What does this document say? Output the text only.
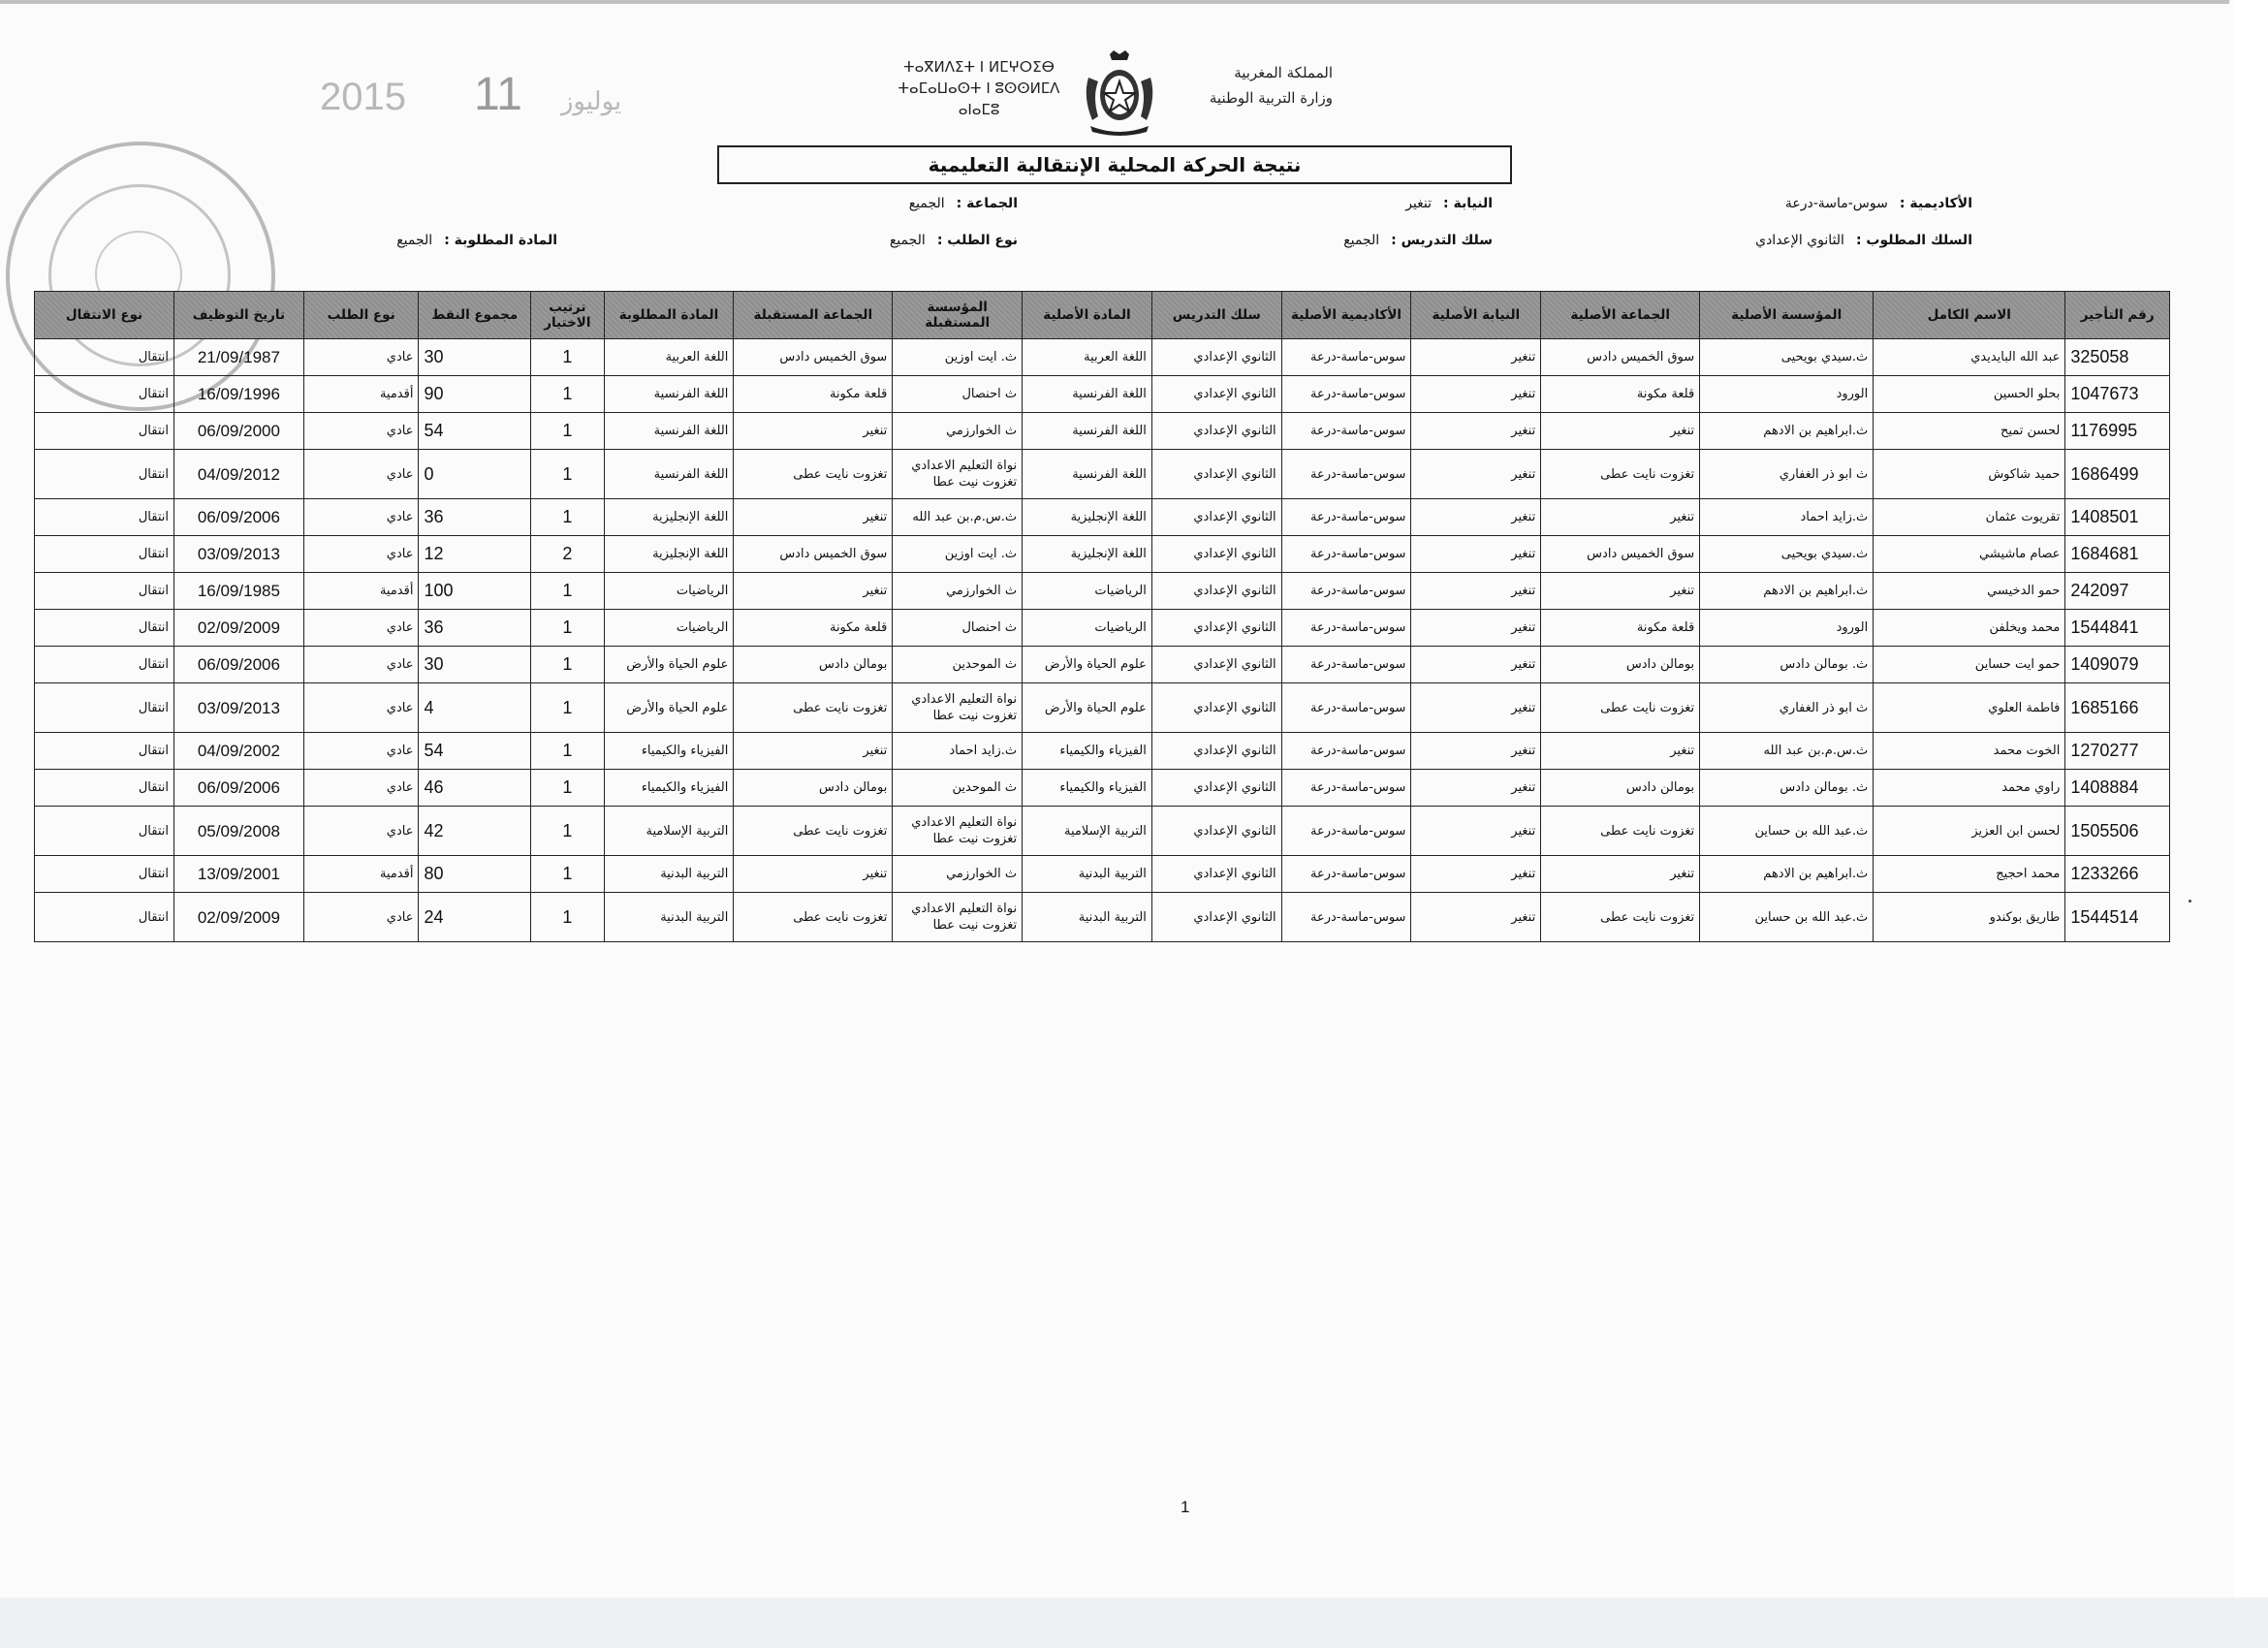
2015	يوليوز11
ⵜⴰⴳⵍⴷⵉⵜ ⵏ ⵍⵎⵖⵔⵉⴱ
ⵜⴰⵎⴰⵡⴰⵙⵜ ⵏ ⵓⵙⵙⵍⵎⴷ
ⴰⵏⴰⵎⵓ
المملكة المغربية
وزارة التربية الوطنية
نتيجة الحركة المحلية الإنتقالية التعليمية
الأكاديمية :سوس-ماسة-درعة
النيابة :تنغير
الجماعة :الجميع
السلك المطلوب :الثانوي الإعدادي
سلك التدريس :الجميع
نوع الطلب :الجميع
المادة المطلوبة :الجميع
رقم التأجير	الاسم الكامل	المؤسسة الأصلية	الجماعة الأصلية	النيابة الأصلية	الأكاديمية الأصلية	سلك التدريس	المادة الأصلية	المؤسسة المستقبلة	الجماعة المستقبلة	المادة المطلوبة	ترتيب الاختيار	مجموع النقط	نوع الطلب	تاريخ التوظيف	نوع الانتقال
325058	عبد الله البايديدي	ث.سيدي بويحيى	سوق الخميس دادس	تنغير	سوس-ماسة-درعة	الثانوي الإعدادي	اللغة العربية	ث. ايت اوزين	سوق الخميس دادس	اللغة العربية	1	30	عادي	21/09/1987	انتقال
1047673	بحلو الحسين	الورود	قلعة مكونة	تنغير	سوس-ماسة-درعة	الثانوي الإعدادي	اللغة الفرنسية	ث احنصال	قلعة مكونة	اللغة الفرنسية	1	90	أقدمية	16/09/1996	انتقال
1176995	لحسن تميح	ث.ابراهيم بن الادهم	تنغير	تنغير	سوس-ماسة-درعة	الثانوي الإعدادي	اللغة الفرنسية	ث الخوارزمي	تنغير	اللغة الفرنسية	1	54	عادي	06/09/2000	انتقال
1686499	حميد شاكوش	ث ابو ذر الغفاري	تغزوت نايت عطى	تنغير	سوس-ماسة-درعة	الثانوي الإعدادي	اللغة الفرنسية	نواة التعليم الاعدادي تغزوت نيت عطا	تغزوت نايت عطى	اللغة الفرنسية	1	0	عادي	04/09/2012	انتقال
1408501	تقريوت عثمان	ث.زايد احماد	تنغير	تنغير	سوس-ماسة-درعة	الثانوي الإعدادي	اللغة الإنجليزية	ث.س.م.بن عبد الله	تنغير	اللغة الإنجليزية	1	36	عادي	06/09/2006	انتقال
1684681	عصام ماشيشي	ث.سيدي بويحيى	سوق الخميس دادس	تنغير	سوس-ماسة-درعة	الثانوي الإعدادي	اللغة الإنجليزية	ث. ايت اوزين	سوق الخميس دادس	اللغة الإنجليزية	2	12	عادي	03/09/2013	انتقال
242097	حمو الدخيسي	ث.ابراهيم بن الادهم	تنغير	تنغير	سوس-ماسة-درعة	الثانوي الإعدادي	الرياضيات	ث الخوارزمي	تنغير	الرياضيات	1	100	أقدمية	16/09/1985	انتقال
1544841	محمد ويخلفن	الورود	قلعة مكونة	تنغير	سوس-ماسة-درعة	الثانوي الإعدادي	الرياضيات	ث احنصال	قلعة مكونة	الرياضيات	1	36	عادي	02/09/2009	انتقال
1409079	حمو ايت حساين	ث. بومالن دادس	بومالن دادس	تنغير	سوس-ماسة-درعة	الثانوي الإعدادي	علوم الحياة والأرض	ث الموحدين	بومالن دادس	علوم الحياة والأرض	1	30	عادي	06/09/2006	انتقال
1685166	فاطمة العلوي	ث ابو ذر الغفاري	تغزوت نايت عطى	تنغير	سوس-ماسة-درعة	الثانوي الإعدادي	علوم الحياة والأرض	نواة التعليم الاعدادي تغزوت نيت عطا	تغزوت نايت عطى	علوم الحياة والأرض	1	4	عادي	03/09/2013	انتقال
1270277	الخوت محمد	ث.س.م.بن عبد الله	تنغير	تنغير	سوس-ماسة-درعة	الثانوي الإعدادي	الفيزياء والكيمياء	ث.زايد احماد	تنغير	الفيزياء والكيمياء	1	54	عادي	04/09/2002	انتقال
1408884	راوي محمد	ث. بومالن دادس	بومالن دادس	تنغير	سوس-ماسة-درعة	الثانوي الإعدادي	الفيزياء والكيمياء	ث الموحدين	بومالن دادس	الفيزياء والكيمياء	1	46	عادي	06/09/2006	انتقال
1505506	لحسن ابن العزيز	ث.عبد الله بن حساين	تغزوت نايت عطى	تنغير	سوس-ماسة-درعة	الثانوي الإعدادي	التربية الإسلامية	نواة التعليم الاعدادي تغزوت نيت عطا	تغزوت نايت عطى	التربية الإسلامية	1	42	عادي	05/09/2008	انتقال
1233266	محمد احجيج	ث.ابراهيم بن الادهم	تنغير	تنغير	سوس-ماسة-درعة	الثانوي الإعدادي	التربية البدنية	ث الخوارزمي	تنغير	التربية البدنية	1	80	أقدمية	13/09/2001	انتقال
1544514	طاريق بوكندو	ث.عبد الله بن حساين	تغزوت نايت عطى	تنغير	سوس-ماسة-درعة	الثانوي الإعدادي	التربية البدنية	نواة التعليم الاعدادي تغزوت نيت عطا	تغزوت نايت عطى	التربية البدنية	1	24	عادي	02/09/2009	انتقال
1
